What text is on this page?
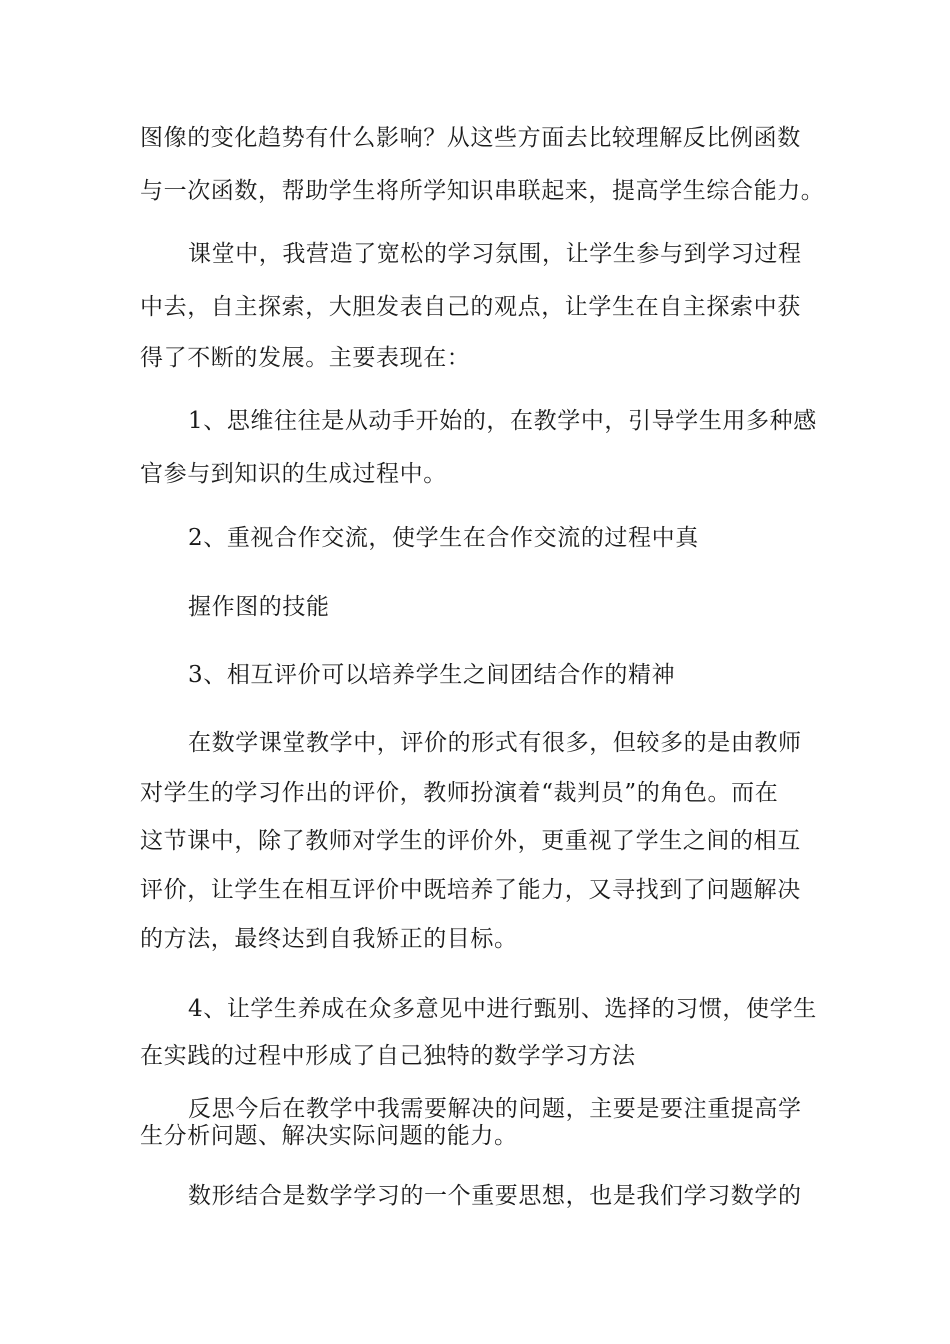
图像的变化趋势有什么影响？从这些方面去比较理解反比例函数
与一次函数，帮助学生将所学知识串联起来，提高学生综合能力。
课堂中，我营造了宽松的学习氛围，让学生参与到学习过程
中去，自主探索，大胆发表自己的观点，让学生在自主探索中获
得了不断的发展。主要表现在：
1、思维往往是从动手开始的，在教学中，引导学生用多种感
官参与到知识的生成过程中。
2、重视合作交流，使学生在合作交流的过程中真
握作图的技能
3、相互评价可以培养学生之间团结合作的精神
在数学课堂教学中，评价的形式有很多，但较多的是由教师
对学生的学习作出的评价，教师扮演着“裁判员”的角色。而在
这节课中，除了教师对学生的评价外，更重视了学生之间的相互
评价，让学生在相互评价中既培养了能力，又寻找到了问题解决
的方法，最终达到自我矫正的目标。
4、让学生养成在众多意见中进行甄别、选择的习惯，使学生
在实践的过程中形成了自己独特的数学学习方法
反思今后在教学中我需要解决的问题，主要是要注重提高学
生分析问题、解决实际问题的能力。
数形结合是数学学习的一个重要思想，也是我们学习数学的
